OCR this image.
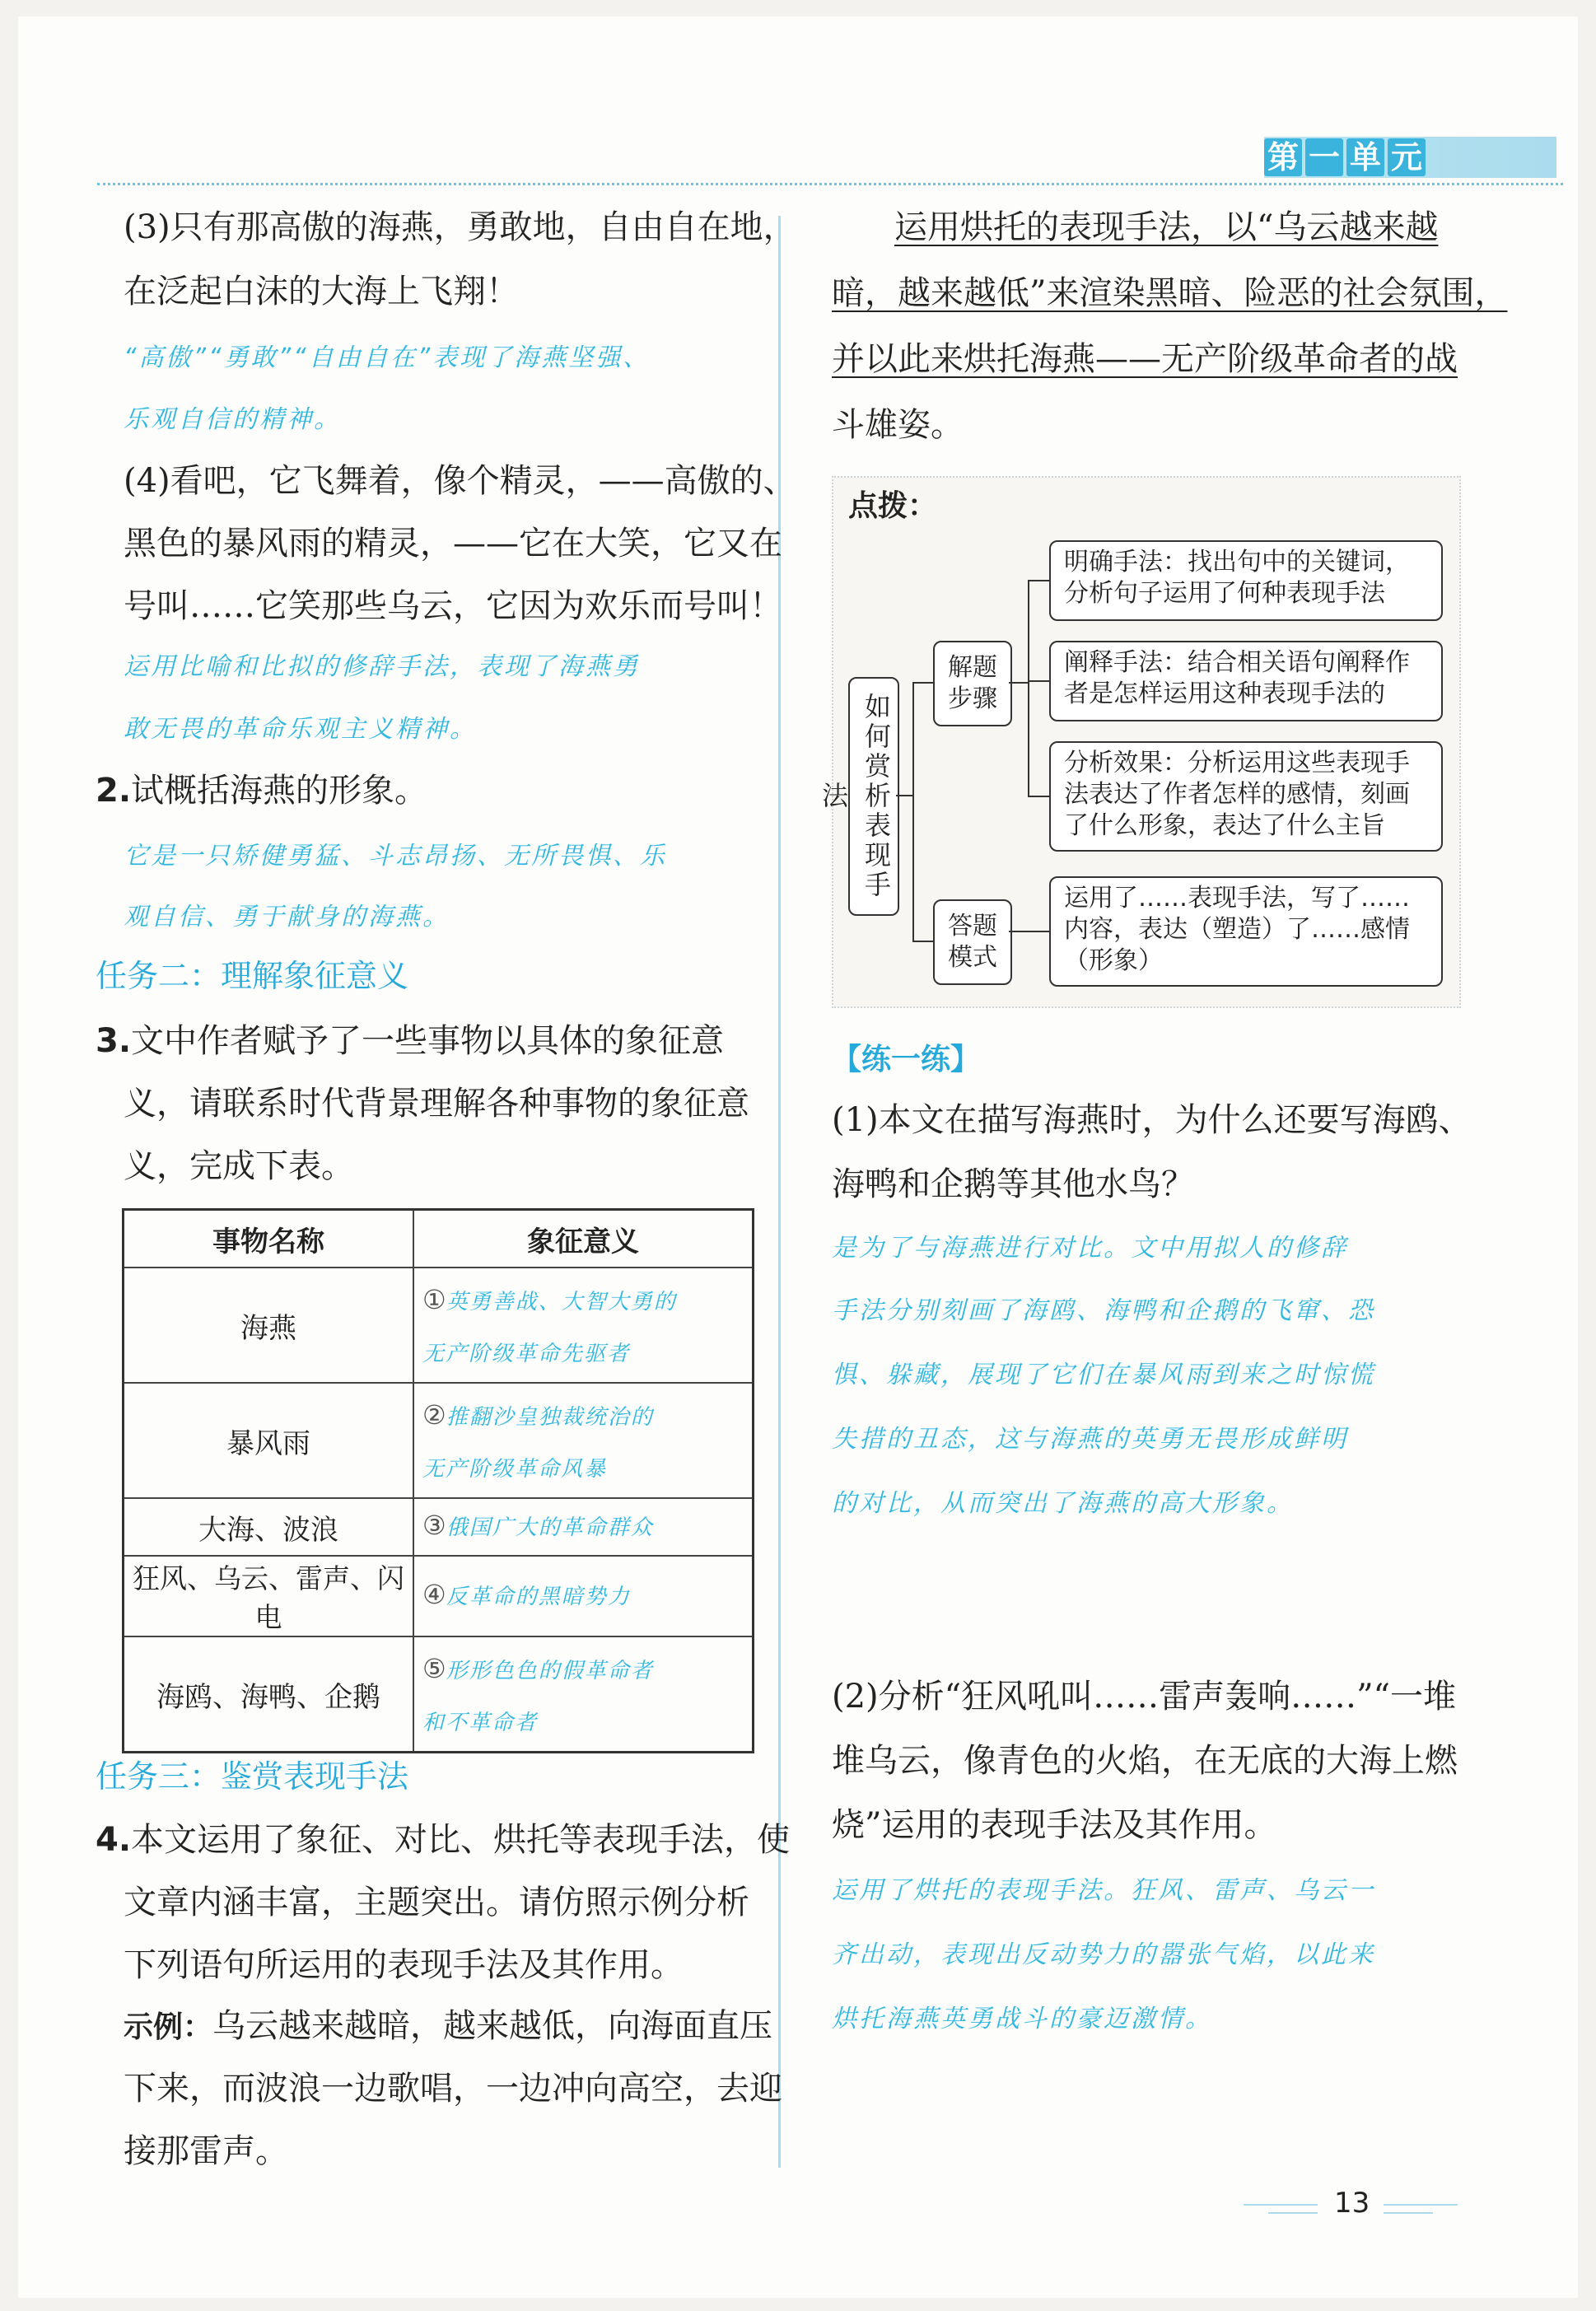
第 一 单 元
(3)只有那高傲的海燕，勇敢地，自由自在地，
在泛起白沫的大海上飞翔！
“高傲”“勇敢”“自由自在”表现了海燕坚强、
乐观自信的精神。
(4)看吧，它飞舞着，像个精灵，——高傲的、
黑色的暴风雨的精灵，——它在大笑，它又在
号叫……它笑那些乌云，它因为欢乐而号叫！
运用比喻和比拟的修辞手法，表现了海燕勇
敢无畏的革命乐观主义精神。
2.试概括海燕的形象。
它是一只矫健勇猛、斗志昂扬、无所畏惧、乐
观自信、勇于献身的海燕。
任务二：理解象征意义
3.文中作者赋予了一些事物以具体的象征意
义，请联系时代背景理解各种事物的象征意
义，完成下表。
事物名称	象征意义
海燕	①英勇善战、大智大勇的
无产阶级革命先驱者

暴风雨	②推翻沙皇独裁统治的
无产阶级革命风暴

大海、波浪	③俄国广大的革命群众
狂风、乌云、雷声、闪电	④反革命的黑暗势力
海鸥、海鸭、企鹅	⑤形形色色的假革命者
和不革命者
任务三：鉴赏表现手法
4.本文运用了象征、对比、烘托等表现手法，使
文章内涵丰富，主题突出。请仿照示例分析
下列语句所运用的表现手法及其作用。
示例：乌云越来越暗，越来越低，向海面直压
下来，而波浪一边歌唱，一边冲向高空，去迎
接那雷声。
运用烘托的表现手法，以“乌云越来越
暗，越来越低”来渲染黑暗、险恶的社会氛围，
并以此来烘托海燕——无产阶级革命者的战
斗雄姿。
点拨：
如何赏析表现手法
解题步骤
答题模式
明确手法：找出句中的关键词，分析句子运用了何种表现手法
阐释手法：结合相关语句阐释作者是怎样运用这种表现手法的
分析效果：分析运用这些表现手法表达了作者怎样的感情，刻画了什么形象，表达了什么主旨
运用了……表现手法，写了……内容，表达（塑造）了……感情（形象）
【练一练】
(1)本文在描写海燕时，为什么还要写海鸥、
海鸭和企鹅等其他水鸟？
是为了与海燕进行对比。文中用拟人的修辞
手法分别刻画了海鸥、海鸭和企鹅的飞窜、恐
惧、躲藏，展现了它们在暴风雨到来之时惊慌
失措的丑态，这与海燕的英勇无畏形成鲜明
的对比，从而突出了海燕的高大形象。
(2)分析“狂风吼叫……雷声轰响……”“一堆
堆乌云，像青色的火焰，在无底的大海上燃
烧”运用的表现手法及其作用。
运用了烘托的表现手法。狂风、雷声、乌云一
齐出动，表现出反动势力的嚣张气焰，以此来
烘托海燕英勇战斗的豪迈激情。
13
